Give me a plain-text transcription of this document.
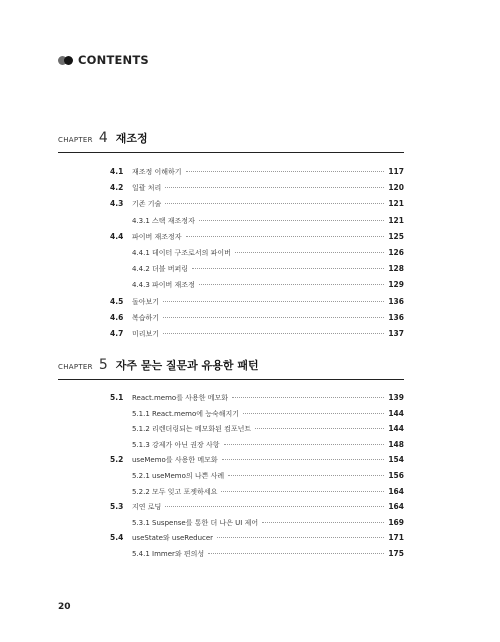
CONTENTS
CHAPTER 4 재조정
4.1	재조정 이해하기	117
4.2	일괄 처리	120
4.3	기존 기술	121
4.3.1 스택 재조정자	121
4.4	파이버 재조정자	125
4.4.1 데이터 구조로서의 파이버	126
4.4.2 더블 버퍼링	128
4.4.3 파이버 재조정	129
4.5	돌아보기	136
4.6	복습하기	136
4.7	미리보기	137
CHAPTER 5 자주 묻는 질문과 유용한 패턴
5.1	React.memo를 사용한 메모화	139
5.1.1 React.memo에 능숙해지기	144
5.1.2 리렌더링되는 메모화된 컴포넌트	144
5.1.3 강제가 아닌 권장 사항	148
5.2	useMemo를 사용한 메모화	154
5.2.1 useMemo의 나쁜 사례	156
5.2.2 모두 잊고 포젯하세요	164
5.3	지연 로딩	164
5.3.1 Suspense를 통한 더 나은 UI 제어	169
5.4	useState와 useReducer	171
5.4.1 Immer와 편의성	175
20
